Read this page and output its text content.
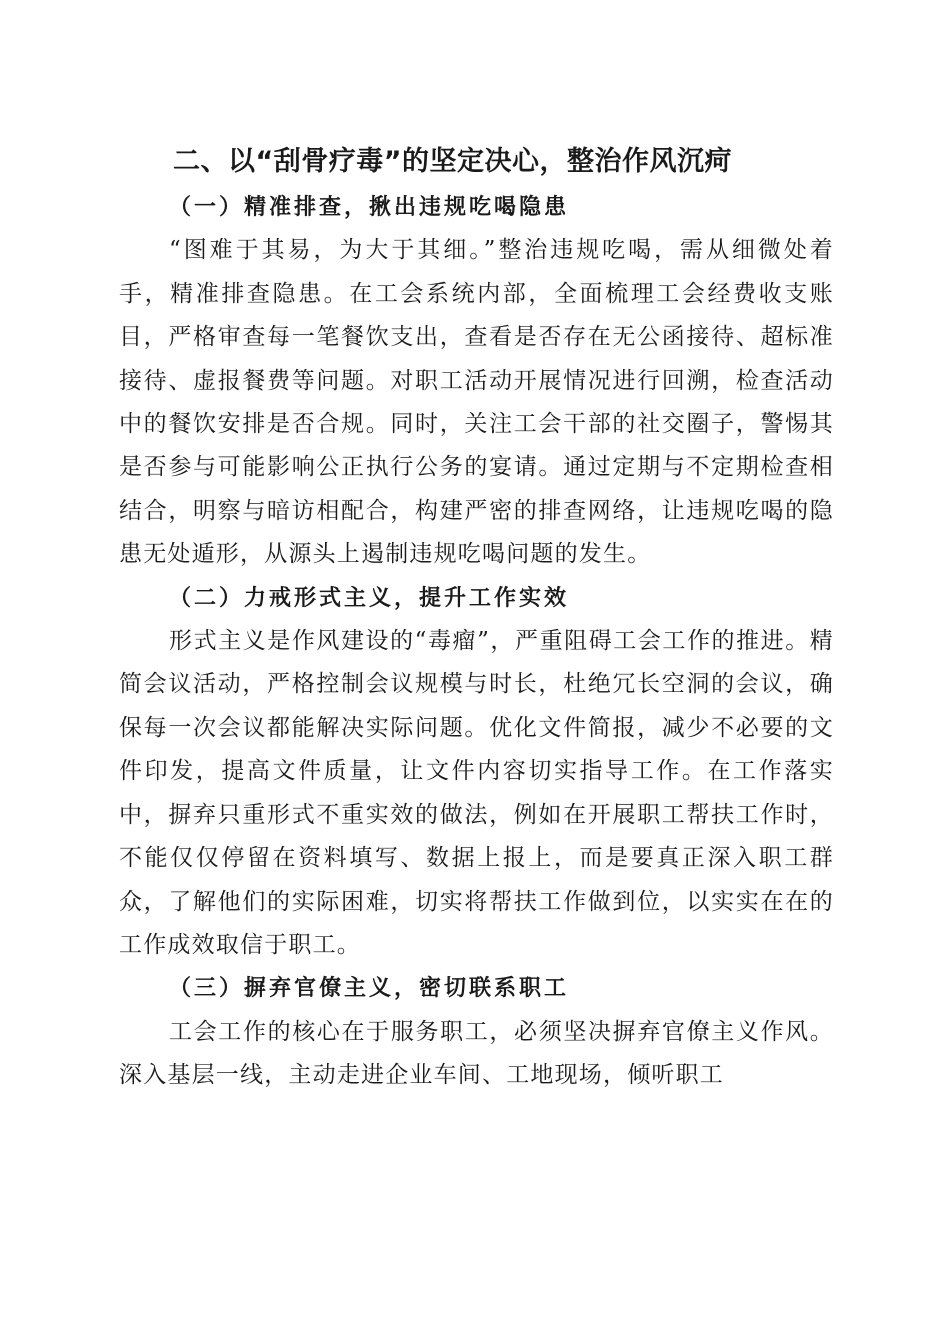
二、以“刮骨疗毒”的坚定决心，整治作风沉疴
（一）精准排查，揪出违规吃喝隐患

“图难于其易，为大于其细。”整治违规吃喝，需从细微处着手，精准排查隐患。在工会系统内部，全面梳理工会经费收支账目，严格审查每一笔餐饮支出，查看是否存在无公函接待、超标准接待、虚报餐费等问题。对职工活动开展情况进行回溯，检查活动中的餐饮安排是否合规。同时，关注工会干部的社交圈子，警惕其是否参与可能影响公正执行公务的宴请。通过定期与不定期检查相结合，明察与暗访相配合，构建严密的排查网络，让违规吃喝的隐患无处遁形，从源头上遏制违规吃喝问题的发生。

（二）力戒形式主义，提升工作实效

形式主义是作风建设的“毒瘤”，严重阻碍工会工作的推进。精简会议活动，严格控制会议规模与时长，杜绝冗长空洞的会议，确保每一次会议都能解决实际问题。优化文件简报，减少不必要的文件印发，提高文件质量，让文件内容切实指导工作。在工作落实中，摒弃只重形式不重实效的做法，例如在开展职工帮扶工作时，不能仅仅停留在资料填写、数据上报上，而是要真正深入职工群众，了解他们的实际困难，切实将帮扶工作做到位，以实实在在的工作成效取信于职工。

（三）摒弃官僚主义，密切联系职工

工会工作的核心在于服务职工，必须坚决摒弃官僚主义作风。深入基层一线，主动走进企业车间、工地现场，倾听职工
